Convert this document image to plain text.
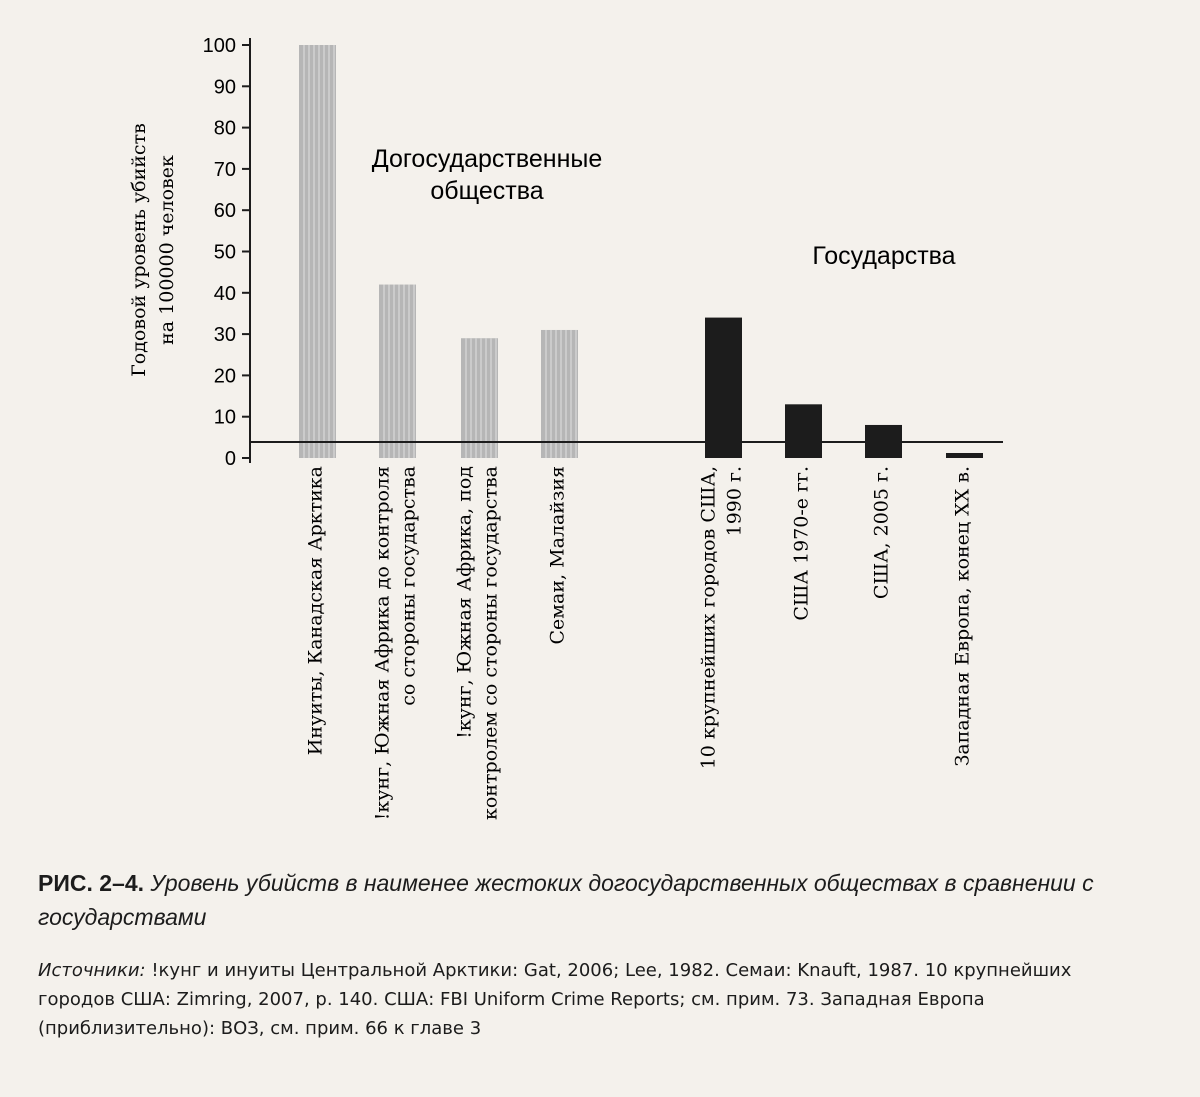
0
10
20
30
40
50
60
70
80
90
100
Годовой уровень убийств на 100000 человек
Инуиты, Канадская Арктика !кунг, Южная Африка до контроля со стороны государства !кунг, Южная Африка, под контролем со стороны государства Семаи, Малайзия	10 крупнейших городов США, 1990 г. США 1970-е гг.	США, 2005 г.	Западная Европа, конец XX в.
Догосударственные
общества
Государства
РИС. 2–4. Уровень убийств в наименее жестоких догосударственных обществах в сравнении с государствами
Источники: !кунг и инуиты Центральной Арктики: Gat, 2006; Lee, 1982. Семаи: Knauft, 1987. 10 крупнейших городов США: Zimring, 2007, p. 140. США: FBI Uniform Crime Reports; см. прим. 73. Западная Европа (приблизительно): ВОЗ, см. прим. 66 к главе 3
